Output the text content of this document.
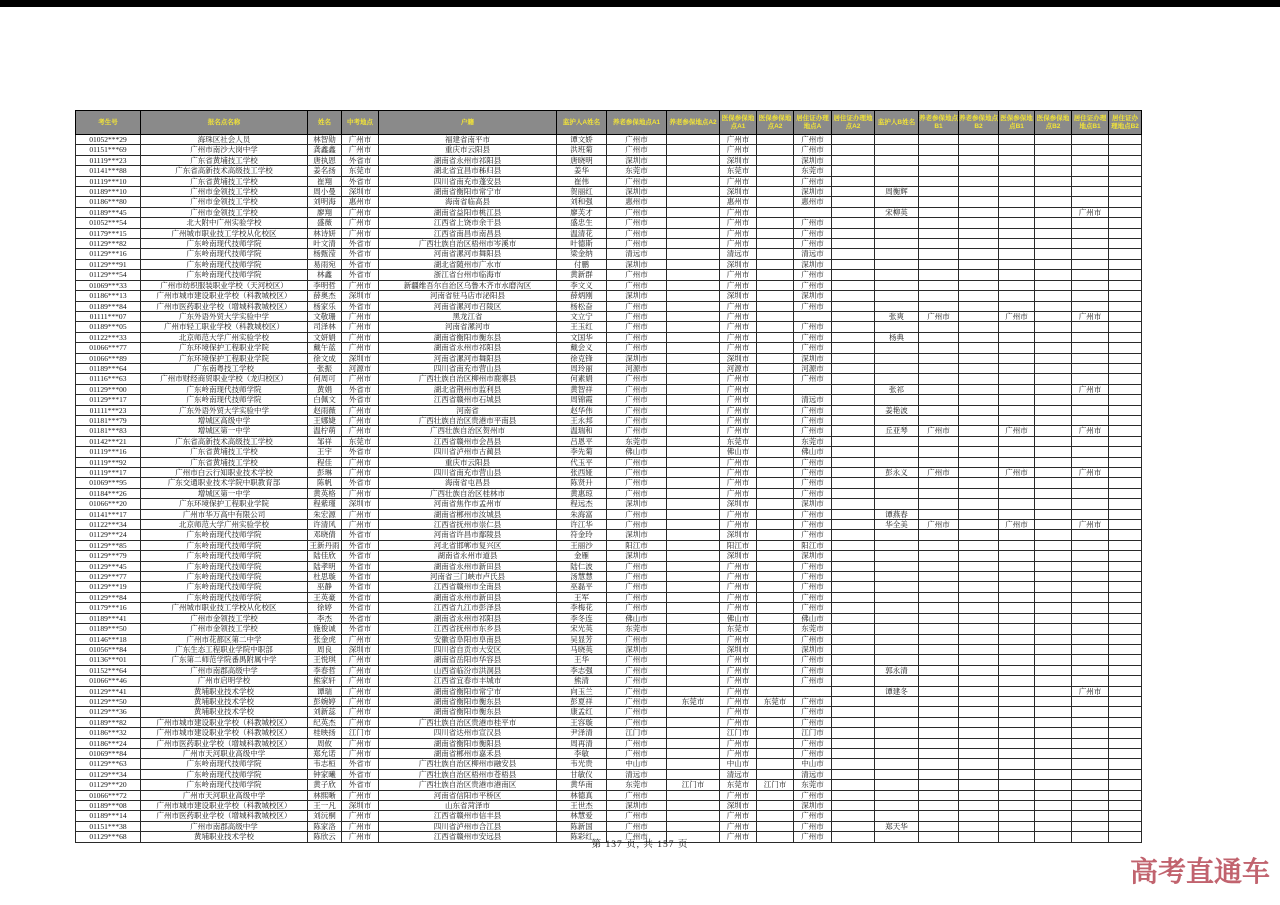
考生号	报名点名称	姓名	中考地点	户籍	监护人A姓名	养老参保地点A1	养老参保地点A2	医保参保地点A1	医保参保地点A2	居住证办理地点A	居住证办理地点A2	监护人B姓名	养老参保地点B1	养老参保地点B2	医保参保地点B1	医保参保地点B2	居住证办理地点B1	居住证办理地点B2
01052***29	海珠区社会人员	林智勋	广州市	福建省南平市	谭文娇	广州市		广州市		广州市								
01151***69	广州市南沙大岗中学	龚鑫鑫	广州市	重庆市云阳县	洪班菊	广州市		广州市		广州市								
01119***23	广东省黄埔技工学校	唐执恩	外省市	湖南省永州市祁阳县	唐晓明	深圳市		深圳市		深圳市								
01141***88	广东省高新技术高级技工学校	姜名扬	东莞市	湖北省宜昌市秭归县	姜华	东莞市		东莞市		东莞市								
01119***10	广东省黄埔技工学校	崔翔	外省市	四川省南充市蓬安县	崔伟	广州市		广州市		广州市								
01189***10	广州市金领技工学校	周小曼	深圳市	湖南省衡阳市常宁市	贺丽红	深圳市		深圳市		深圳市		周衡辉						
01186***80	广州市金领技工学校	刘明海	惠州市	海南省临高县	刘和强	惠州市		惠州市		惠州市								
01189***45	广州市金领技工学校	廖翔	广州市	湖南省益阳市桃江县	廖芙才	广州市		广州市				宋柳英					广州市	
01052***54	北大附中广州实验学校	盛薇	广州市	江西省上饶市余干县	盛忠生	广州市		广州市		广州市								
01179***15	广州城市职业技工学校从化校区	林诗妍	广州市	江西省南昌市南昌县	温清花	广州市		广州市		广州市								
01129***82	广东岭南现代技师学院	叶文清	外省市	广西壮族自治区梧州市岑溪市	叶德斯	广州市		广州市		广州市								
01129***16	广东岭南现代技师学院	杨甄滢	外省市	河南省漯河市舞阳县	梁金纳	清远市		清远市		清远市								
01129***91	广东岭南现代技师学院	易雨宛	外省市	湖北省随州市广水市	付鹏	深圳市		深圳市		深圳市								
01129***54	广东岭南现代技师学院	林鑫	外省市	浙江省台州市临海市	黄新群	广州市		广州市		广州市								
01069***33	广州市纺织服装职业学校（天河校区）	李明哲	广州市	新疆维吾尔自治区乌鲁木齐市水磨沟区	李文义	广州市		广州市		广州市								
01186***13	广州市城市建设职业学校（科教城校区）	薛奥杰	深圳市	河南省驻马店市泌阳县	薛炳刚	深圳市		深圳市		深圳市								
01189***84	广州市医药职业学校（增城科教城校区）	杨家乐	外省市	河南省漯河市召陵区	杨松奋	广州市		广州市		广州市								
01111***07	广东外语外贸大学实验中学	文敬珊	广州市	黑龙江省	文立宁	广州市		广州市				张爽	广州市		广州市		广州市	
01189***05	广州市轻工职业学校（科教城校区）	司泽林	广州市	河南省漯河市	王玉红	广州市		广州市		广州市								
01122***33	北京师范大学广州实验学校	文妍娟	广州市	湖南省衡阳市衡东县	文国华	广州市		广州市		广州市		杨典						
01066***77	广东环境保护工程职业学院	戴午蓝	广州市	湖南省永州市祁阳县	戴会义	广州市		广州市		广州市								
01066***89	广东环境保护工程职业学院	徐文成	深圳市	河南省漯河市舞阳县	徐克锋	深圳市		深圳市		深圳市								
01189***64	广东南粤技工学校	张振	河源市	四川省南充市营山县	周玲丽	河源市		河源市		河源市								
01116***63	广州市财经商贸职业学校（龙归校区）	何周可	广州市	广西壮族自治区柳州市鹿寨县	何素娟	广州市		广州市		广州市								
01129***00	广东岭南现代技师学院	黄娟	外省市	湖北省荆州市监利县	黄智祥	广州市		广州市				张祁					广州市	
01129***17	广东岭南现代技师学院	白佩文	外省市	江西省赣州市石城县	周锦霞	广州市		广州市		清远市								
01111***23	广东外语外贸大学实验中学	赵雨薇	广州市	河南省	赵华伟	广州市		广州市		广州市		姜艳波						
01181***79	增城区高级中学	王娜婕	广州市	广西壮族自治区贵港市平南县	王永邦	广州市		广州市		广州市								
01181***83	增城区第一中学	温柠萌	广州市	广西壮族自治区贺州市	温瑞和	广州市		广州市		广州市		丘亚琴	广州市		广州市		广州市	
01142***21	广东省高新技术高级技工学校	邹祥	东莞市	江西省赣州市会昌县	吕恩平	东莞市		东莞市		东莞市								
01119***16	广东省黄埔技工学校	王宇	外省市	四川省泸州市古蔺县	李先菊	佛山市		佛山市		佛山市								
01119***92	广东省黄埔技工学校	程佳	广州市	重庆市云阳县	代玉平	广州市		广州市		广州市								
01119***17	广州市白云行知职业技术学校	彭琳	广州市	四川省南充市营山县	张西娅	广州市		广州市		广州市		彭永义	广州市		广州市		广州市	
01069***95	广东交通职业技术学院中职教育部	陈帆	外省市	海南省屯昌县	陈贤升	广州市		广州市		广州市								
01184***26	增城区第一中学	黄英格	广州市	广西壮族自治区桂林市	黄惠琼	广州市		广州市		广州市								
01066***20	广东环境保护工程职业学院	程紫瑾	深圳市	河南省焦作市孟州市	程远杰	深圳市		深圳市		深圳市								
01141***17	广州市华万高中有限公司	朱宏源	广州市	湖南省郴州市汝城县	朱海富	广州市		广州市		广州市		谭燕春						
01122***34	北京师范大学广州实验学校	许清风	广州市	江西省抚州市崇仁县	许江华	广州市		广州市		广州市		华全美	广州市		广州市		广州市	
01129***24	广东岭南现代技师学院	邓晓倩	外省市	河南省许昌市鄢陵县	符金玲	深圳市		深圳市		广州市								
01129***85	广东岭南现代技师学院	王新丹雨	外省市	河北省邯郸市复兴区	王丽沙	阳江市		阳江市		阳江市								
01129***79	广东岭南现代技师学院	陆佳欣	外省市	湖南省永州市道县	金雁	深圳市		深圳市		深圳市								
01129***45	广东岭南现代技师学院	陆孝明	外省市	湖南省永州市新田县	陆仁波	广州市		广州市		广州市								
01129***77	广东岭南现代技师学院	杜思璇	外省市	河南省三门峡市卢氏县	汤慧慧	广州市		广州市		广州市								
01129***19	广东岭南现代技师学院	巫静	外省市	江西省赣州市全南县	巫磊平	广州市		广州市		广州市								
01129***84	广东岭南现代技师学院	王英豪	外省市	湖南省永州市新田县	王军	广州市		广州市		广州市								
01179***16	广州城市职业技工学校从化校区	徐婷	外省市	江西省九江市彭泽县	李梅花	广州市		广州市		广州市								
01189***41	广州市金领技工学校	李杰	外省市	湖南省永州市祁阳县	李冬连	佛山市		佛山市		佛山市								
01189***50	广州市金领技工学校	施俊诚	外省市	江西省抚州市东乡县	宋光英	东莞市		东莞市		东莞市								
01146***18	广州市花都区第二中学	张金虎	广州市	安徽省阜阳市阜南县	吴显芳	广州市		广州市		广州市								
01056***84	广东生态工程职业学院中职部	周良	深圳市	四川省自贡市大安区	马晓英	深圳市		深圳市		深圳市								
01136***01	广东第二师范学院番禺附属中学	王悦琪	广州市	湖南省岳阳市华容县	王华	广州市		广州市		广州市								
01152***64	广州市南郡高级中学	李春哲	广州市	山西省临汾市洪洞县	李志强	广州市		广州市		广州市		郭永清						
01066***46	广州市启明学校	熊家轩	广州市	江西省宜春市丰城市	熊清	广州市		广州市		广州市								
01129***41	黄埔职业技术学校	谭瑞	广州市	湖南省衡阳市常宁市	向玉兰	广州市		广州市				谭建冬					广州市	
01129***50	黄埔职业技术学校	彭婉婷	广州市	湖南省衡阳市衡东县	彭夏祥	广州市	东莞市	广州市	东莞市	广州市								
01129***36	黄埔职业技术学校	刘新蕊	广州市	湖南省衡阳市衡东县	康孟红	广州市		广州市		广州市								
01189***82	广州市城市建设职业学校（科教城校区）	纪英杰	广州市	广西壮族自治区贵港市桂平市	王容璇	广州市		广州市		广州市								
01186***32	广州市城市建设职业学校（科教城校区）	桂映扬	江门市	四川省达州市宣汉县	尹泽清	江门市		江门市		江门市								
01186***24	广州市医药职业学校（增城科教城校区）	周攸	广州市	湖南省衡阳市衡阳县	周再清	广州市		广州市		广州市								
01069***84	广州市天河职业高级中学	郑允诺	广州市	湖南省郴州市嘉禾县	李敏	广州市		广州市		广州市								
01129***63	广东岭南现代技师学院	韦志桓	外省市	广西壮族自治区柳州市融安县	韦光贵	中山市		中山市		中山市								
01129***34	广东岭南现代技师学院	钟家曦	外省市	广西壮族自治区梧州市苍梧县	甘敏仪	清远市		清远市		清远市								
01129***20	广东岭南现代技师学院	黄子欣	外省市	广西壮族自治区贵港市港南区	黄华南	东莞市	江门市	东莞市	江门市	东莞市								
01066***72	广州市天河职业高级中学	林熙晰	广州市	河南省信阳市平桥区	林德真	广州市		广州市		广州市								
01189***08	广州市城市建设职业学校（科教城校区）	王一凡	深圳市	山东省菏泽市	王世杰	深圳市		深圳市		深圳市								
01189***14	广州市医药职业学校（增城科教城校区）	刘沅桐	广州市	江西省赣州市信丰县	林慧爱	广州市		广州市		广州市								
01151***38	广州市南郡高级中学	陈家洛	广州市	四川省泸州市合江县	陈新国	广州市		广州市		广州市		郑天华						
01129***68	黄埔职业技术学校	陈欣云	广州市	江西省赣州市安远县	陈彩红	广州市		广州市		广州市								
第 137 页, 共 157 页
高考直通车
